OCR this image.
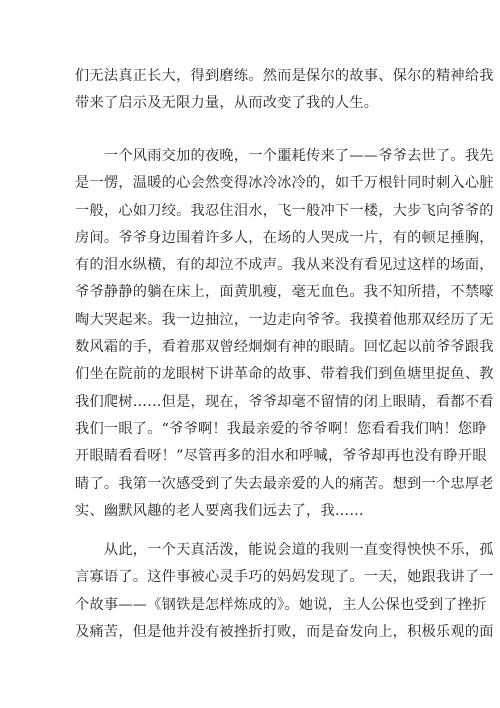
们无法真正长大，得到磨练。然而是保尔的故事、保尔的精神给我
带来了启示及无限力量，从而改变了我的人生。

　　一个风雨交加的夜晚，一个噩耗传来了——爷爷去世了。我先
是一愣，温暖的心会然变得冰冷冰冷的，如千万根针同时刺入心脏
一般，心如刀绞。我忍住泪水，飞一般冲下一楼，大步飞向爷爷的
房间。爷爷身边围着许多人，在场的人哭成一片，有的顿足捶胸，
有的泪水纵横，有的却泣不成声。我从来没有看见过这样的场面，
爷爷静静的躺在床上，面黄肌瘦，毫无血色。我不知所措，不禁嚎
啕大哭起来。我一边抽泣，一边走向爷爷。我摸着他那双经历了无
数风霜的手，看着那双曾经炯炯有神的眼睛。回忆起以前爷爷跟我
们坐在院前的龙眼树下讲革命的故事、带着我们到鱼塘里捉鱼、教
我们爬树……但是，现在，爷爷却毫不留情的闭上眼睛，看都不看
我们一眼了。“爷爷啊！我最亲爱的爷爷啊！您看看我们呐！您睁
开眼睛看看呀！”尽管再多的泪水和呼喊，爷爷却再也没有睁开眼
睛了。我第一次感受到了失去最亲爱的人的痛苦。想到一个忠厚老
实、幽默风趣的老人要离我们远去了，我……

　　从此，一个天真活泼，能说会道的我则一直变得怏怏不乐，孤
言寡语了。这件事被心灵手巧的妈妈发现了。一天，她跟我讲了一
个故事——《钢铁是怎样炼成的》。她说，主人公保也受到了挫折
及痛苦，但是他并没有被挫折打败，而是奋发向上，积极乐观的面
